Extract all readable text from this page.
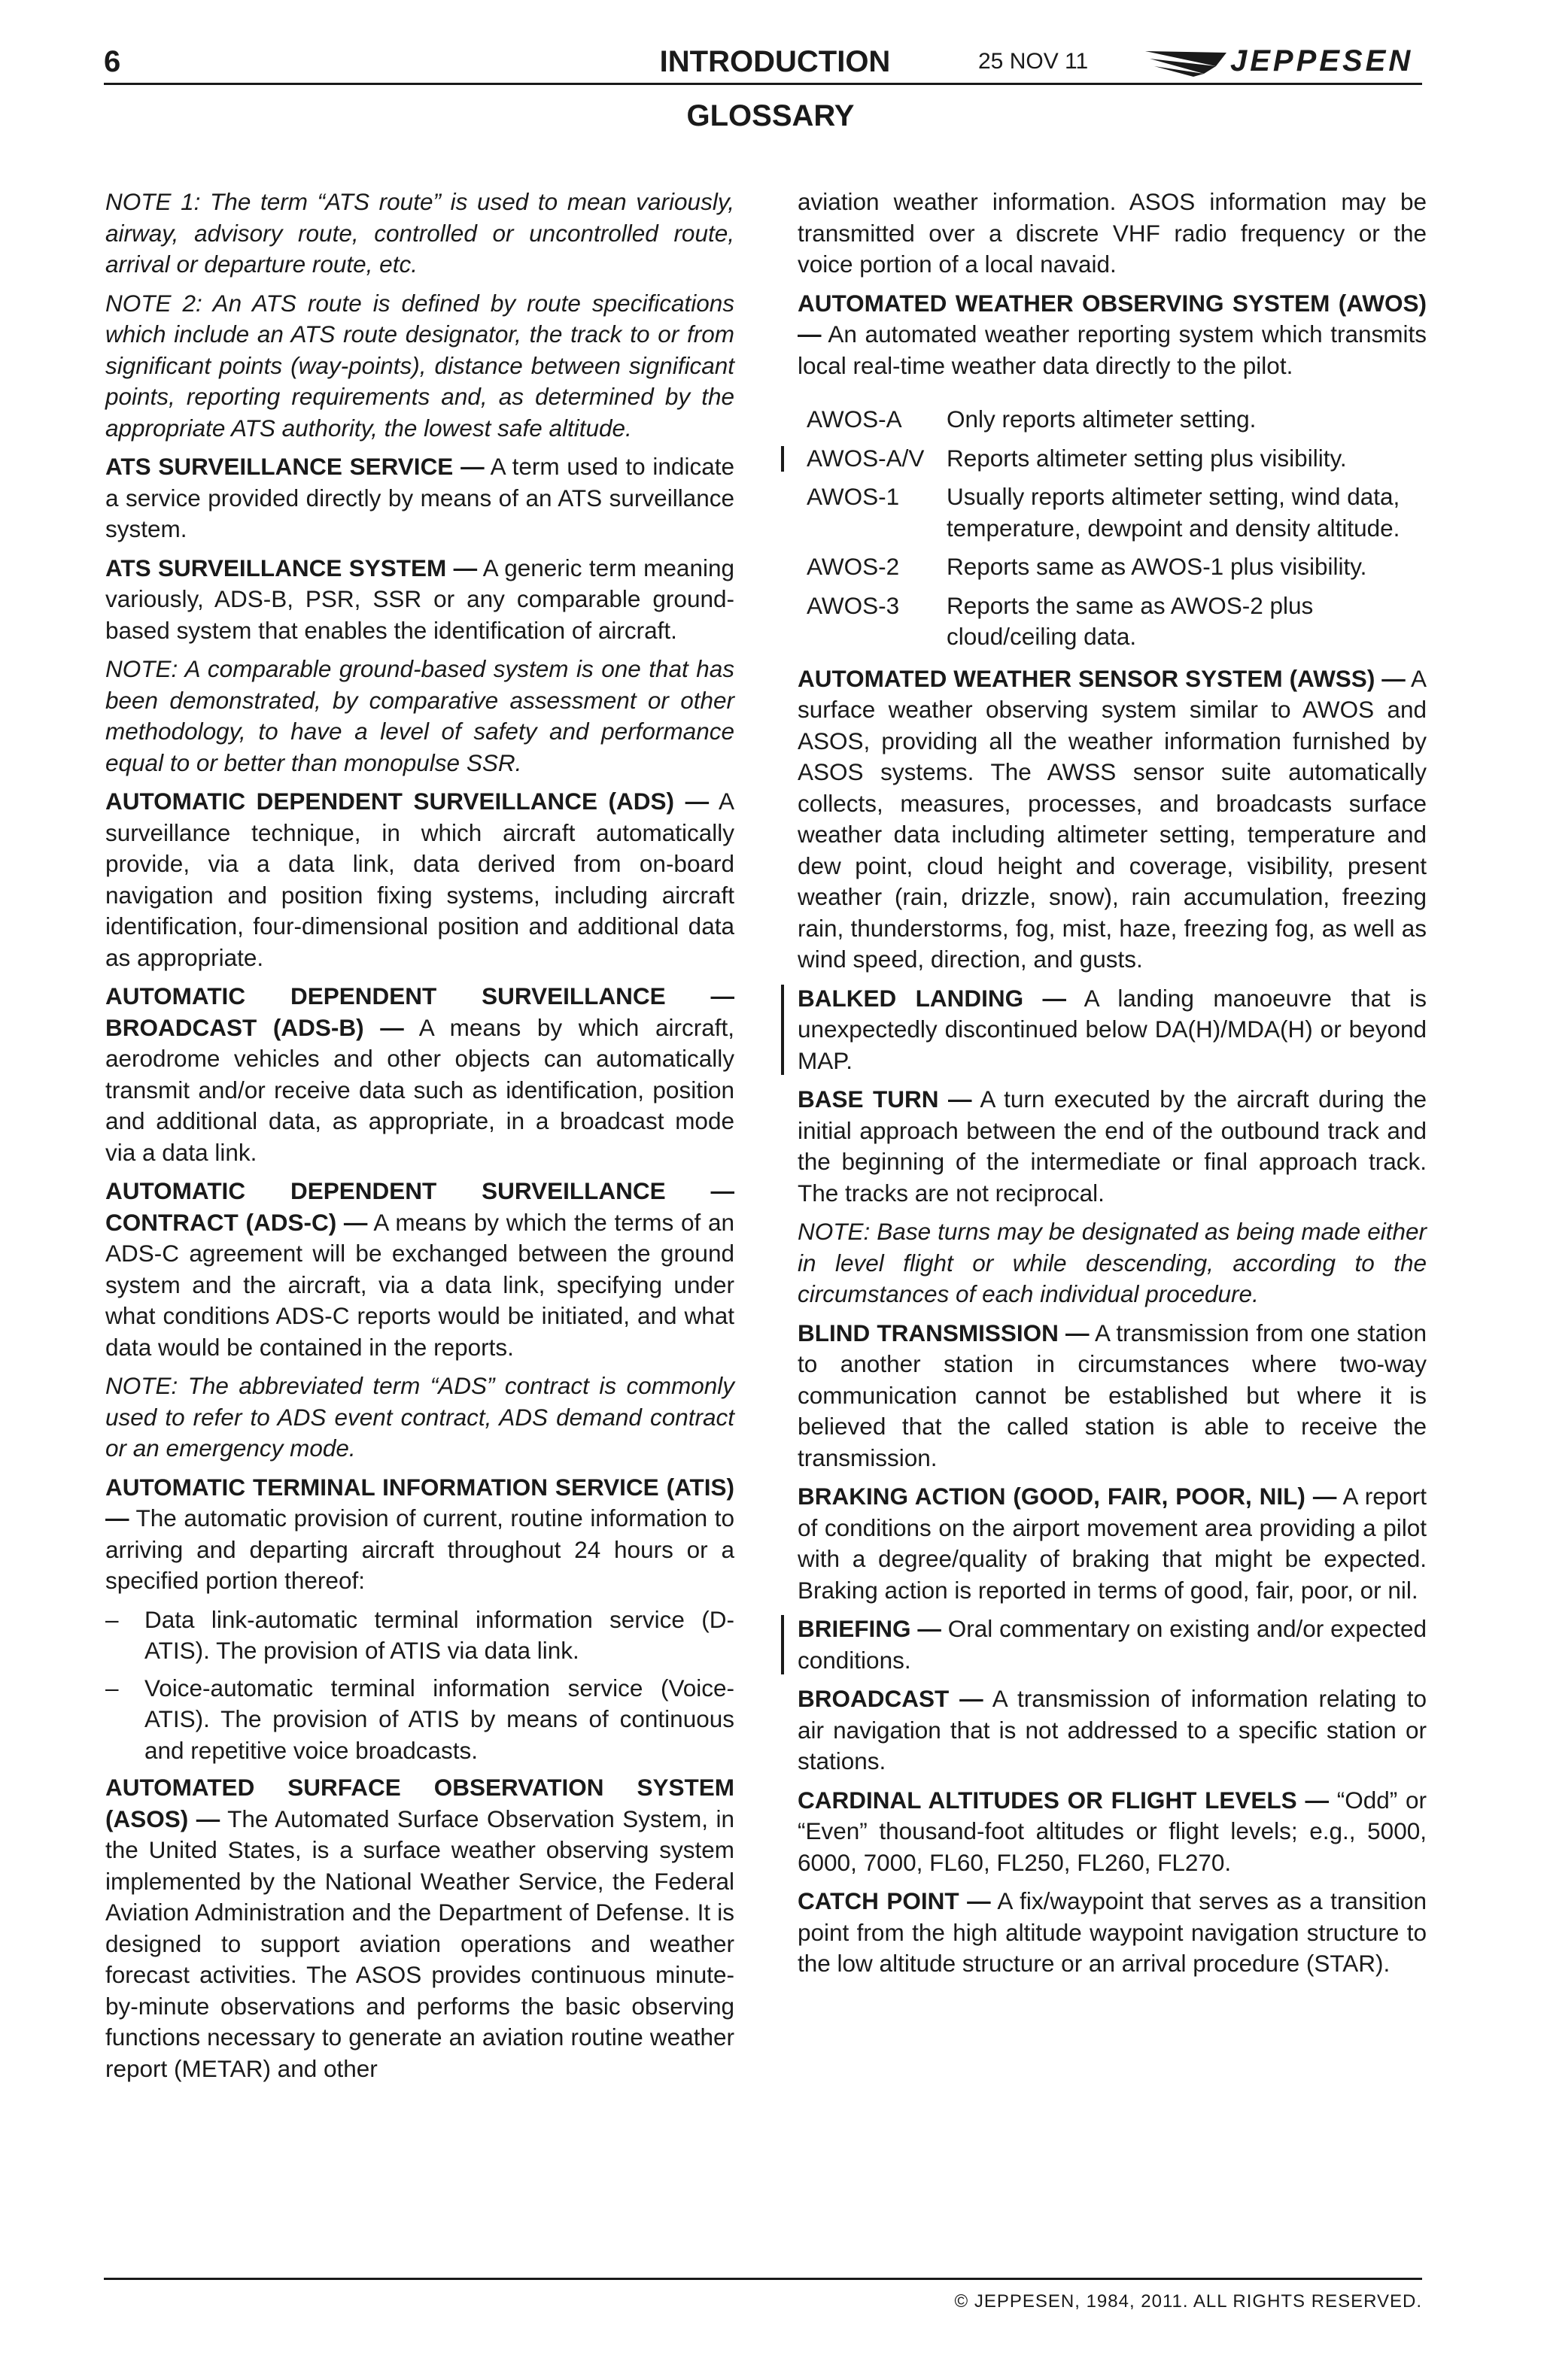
6	INTRODUCTION	25 NOV 11	JEPPESEN
GLOSSARY

NOTE 1: The term “ATS route” is used to mean variously, airway, advisory route, controlled or uncontrolled route, arrival or departure route, etc.

NOTE 2: An ATS route is defined by route specifications which include an ATS route designator, the track to or from significant points (way-points), distance between significant points, reporting requirements and, as determined by the appropriate ATS authority, the lowest safe altitude.

ATS SURVEILLANCE SERVICE — A term used to indicate a service provided directly by means of an ATS surveillance system.

ATS SURVEILLANCE SYSTEM — A generic term meaning variously, ADS-B, PSR, SSR or any comparable ground-based system that enables the identification of aircraft.

NOTE: A comparable ground-based system is one that has been demonstrated, by comparative assessment or other methodology, to have a level of safety and performance equal to or better than monopulse SSR.

AUTOMATIC DEPENDENT SURVEILLANCE (ADS) — A surveillance technique, in which aircraft automatically provide, via a data link, data derived from on-board navigation and position fixing systems, including aircraft identification, four-dimensional position and additional data as appropriate.

AUTOMATIC DEPENDENT SURVEILLANCE — BROADCAST (ADS-B) — A means by which aircraft, aerodrome vehicles and other objects can automatically transmit and/or receive data such as identification, position and additional data, as appropriate, in a broadcast mode via a data link.

AUTOMATIC DEPENDENT SURVEILLANCE — CONTRACT (ADS-C) — A means by which the terms of an ADS-C agreement will be exchanged between the ground system and the aircraft, via a data link, specifying under what conditions ADS-C reports would be initiated, and what data would be contained in the reports.

NOTE: The abbreviated term “ADS” contract is commonly used to refer to ADS event contract, ADS demand contract or an emergency mode.

AUTOMATIC TERMINAL INFORMATION SERVICE (ATIS) — The automatic provision of current, routine information to arriving and departing aircraft throughout 24 hours or a specified portion thereof:

– Data link-automatic terminal information service (D-ATIS). The provision of ATIS via data link.
– Voice-automatic terminal information service (Voice-ATIS). The provision of ATIS by means of continuous and repetitive voice broadcasts.

AUTOMATED SURFACE OBSERVATION SYSTEM (ASOS) — The Automated Surface Observation System, in the United States, is a surface weather observing system implemented by the National Weather Service, the Federal Aviation Administration and the Department of Defense. It is designed to support aviation operations and weather forecast activities. The ASOS provides continuous minute-by-minute observations and performs the basic observing functions necessary to generate an aviation routine weather report (METAR) and other

aviation weather information. ASOS information may be transmitted over a discrete VHF radio frequency or the voice portion of a local navaid.

AUTOMATED WEATHER OBSERVING SYSTEM (AWOS) — An automated weather reporting system which transmits local real-time weather data directly to the pilot.

AWOS-A	Only reports altimeter setting.
AWOS-A/V Reports altimeter setting plus visibility.
AWOS-1	Usually reports altimeter setting, wind data, temperature, dewpoint and density altitude.
AWOS-2	Reports same as AWOS-1 plus visibility.
AWOS-3	Reports the same as AWOS-2 plus cloud/ceiling data.

AUTOMATED WEATHER SENSOR SYSTEM (AWSS) — A surface weather observing system similar to AWOS and ASOS, providing all the weather information furnished by ASOS systems. The AWSS sensor suite automatically collects, measures, processes, and broadcasts surface weather data including altimeter setting, temperature and dew point, cloud height and coverage, visibility, present weather (rain, drizzle, snow), rain accumulation, freezing rain, thunderstorms, fog, mist, haze, freezing fog, as well as wind speed, direction, and gusts.

BALKED LANDING — A landing manoeuvre that is unexpectedly discontinued below DA(H)/MDA(H) or beyond MAP.

BASE TURN — A turn executed by the aircraft during the initial approach between the end of the outbound track and the beginning of the intermediate or final approach track. The tracks are not reciprocal.

NOTE: Base turns may be designated as being made either in level flight or while descending, according to the circumstances of each individual procedure.

BLIND TRANSMISSION — A transmission from one station to another station in circumstances where two-way communication cannot be established but where it is believed that the called station is able to receive the transmission.

BRAKING ACTION (GOOD, FAIR, POOR, NIL) — A report of conditions on the airport movement area providing a pilot with a degree/quality of braking that might be expected. Braking action is reported in terms of good, fair, poor, or nil.

BRIEFING — Oral commentary on existing and/or expected conditions.

BROADCAST — A transmission of information relating to air navigation that is not addressed to a specific station or stations.

CARDINAL ALTITUDES OR FLIGHT LEVELS — “Odd” or “Even” thousand-foot altitudes or flight levels; e.g., 5000, 6000, 7000, FL60, FL250, FL260, FL270.

CATCH POINT — A fix/waypoint that serves as a transition point from the high altitude waypoint navigation structure to the low altitude structure or an arrival procedure (STAR).

© JEPPESEN, 1984, 2011. ALL RIGHTS RESERVED.
